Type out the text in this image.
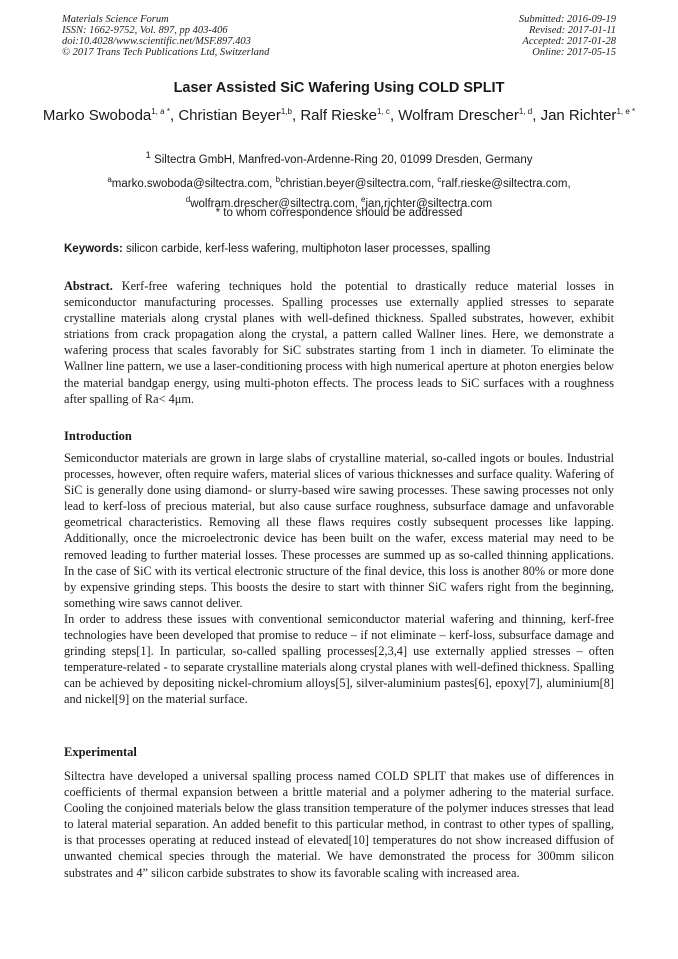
Materials Science Forum
ISSN: 1662-9752, Vol. 897, pp 403-406
doi:10.4028/www.scientific.net/MSF.897.403
© 2017 Trans Tech Publications Ltd, Switzerland
Submitted: 2016-09-19
Revised: 2017-01-11
Accepted: 2017-01-28
Online: 2017-05-15
Laser Assisted SiC Wafering Using COLD SPLIT
Marko Swoboda$^{1, a *}$, Christian Beyer$^{1,b}$, Ralf Rieske$^{1, c}$, Wolfram Drescher$^{1, d}$, Jan Richter$^{1, e *}$
$^1$ Siltectra GmbH, Manfred-von-Ardenne-Ring 20, 01099 Dresden, Germany
$^a$marko.swoboda@siltectra.com, $^b$christian.beyer@siltectra.com, $^c$ralf.rieske@siltectra.com,
$^d$wolfram.drescher@siltectra.com, $^e$jan.richter@siltectra.com
* to whom correspondence should be addressed
Keywords: silicon carbide, kerf-less wafering, multiphoton laser processes, spalling
Abstract. Kerf-free wafering techniques hold the potential to drastically reduce material losses in semiconductor manufacturing processes. Spalling processes use externally applied stresses to separate crystalline materials along crystal planes with well-defined thickness. Spalled substrates, however, exhibit striations from crack propagation along the crystal, a pattern called Wallner lines. Here, we demonstrate a wafering process that scales favorably for SiC substrates starting from 1 inch in diameter. To eliminate the Wallner line pattern, we use a laser-conditioning process with high numerical aperture at photon energies below the material bandgap energy, using multi-photon effects. The process leads to SiC surfaces with a roughness after spalling of Ra< 4μm.
Introduction

Semiconductor materials are grown in large slabs of crystalline material, so-called ingots or boules. Industrial processes, however, often require wafers, material slices of various thicknesses and surface quality. Wafering of SiC is generally done using diamond- or slurry-based wire sawing processes. These sawing processes not only lead to kerf-loss of precious material, but also cause surface roughness, subsurface damage and unfavorable geometrical characteristics. Removing all these flaws requires costly subsequent processes like lapping. Additionally, once the microelectronic device has been built on the wafer, excess material may need to be removed leading to further material losses. These processes are summed up as so-called thinning applications. In the case of SiC with its vertical electronic structure of the final device, this loss is another 80% or more done by expensive grinding steps. This boosts the desire to start with thinner SiC wafers right from the beginning, something wire saws cannot deliver.

In order to address these issues with conventional semiconductor material wafering and thinning, kerf-free technologies have been developed that promise to reduce – if not eliminate – kerf-loss, subsurface damage and grinding steps[1]. In particular, so-called spalling processes[2,3,4] use externally applied stresses – often temperature-related - to separate crystalline materials along crystal planes with well-defined thickness. Spalling can be achieved by depositing nickel-chromium alloys[5], silver-aluminium pastes[6], epoxy[7], aluminium[8] and nickel[9] on the material surface.

Experimental

Siltectra have developed a universal spalling process named COLD SPLIT that makes use of differences in coefficients of thermal expansion between a brittle material and a polymer adhering to the material surface. Cooling the conjoined materials below the glass transition temperature of the polymer induces stresses that lead to lateral material separation. An added benefit to this particular method, in contrast to other types of spalling, is that processes operating at reduced instead of elevated[10] temperatures do not show increased diffusion of unwanted chemical species through the material. We have demonstrated the process for 300mm silicon substrates and 4” silicon carbide substrates to show its favorable scaling with increased area.
